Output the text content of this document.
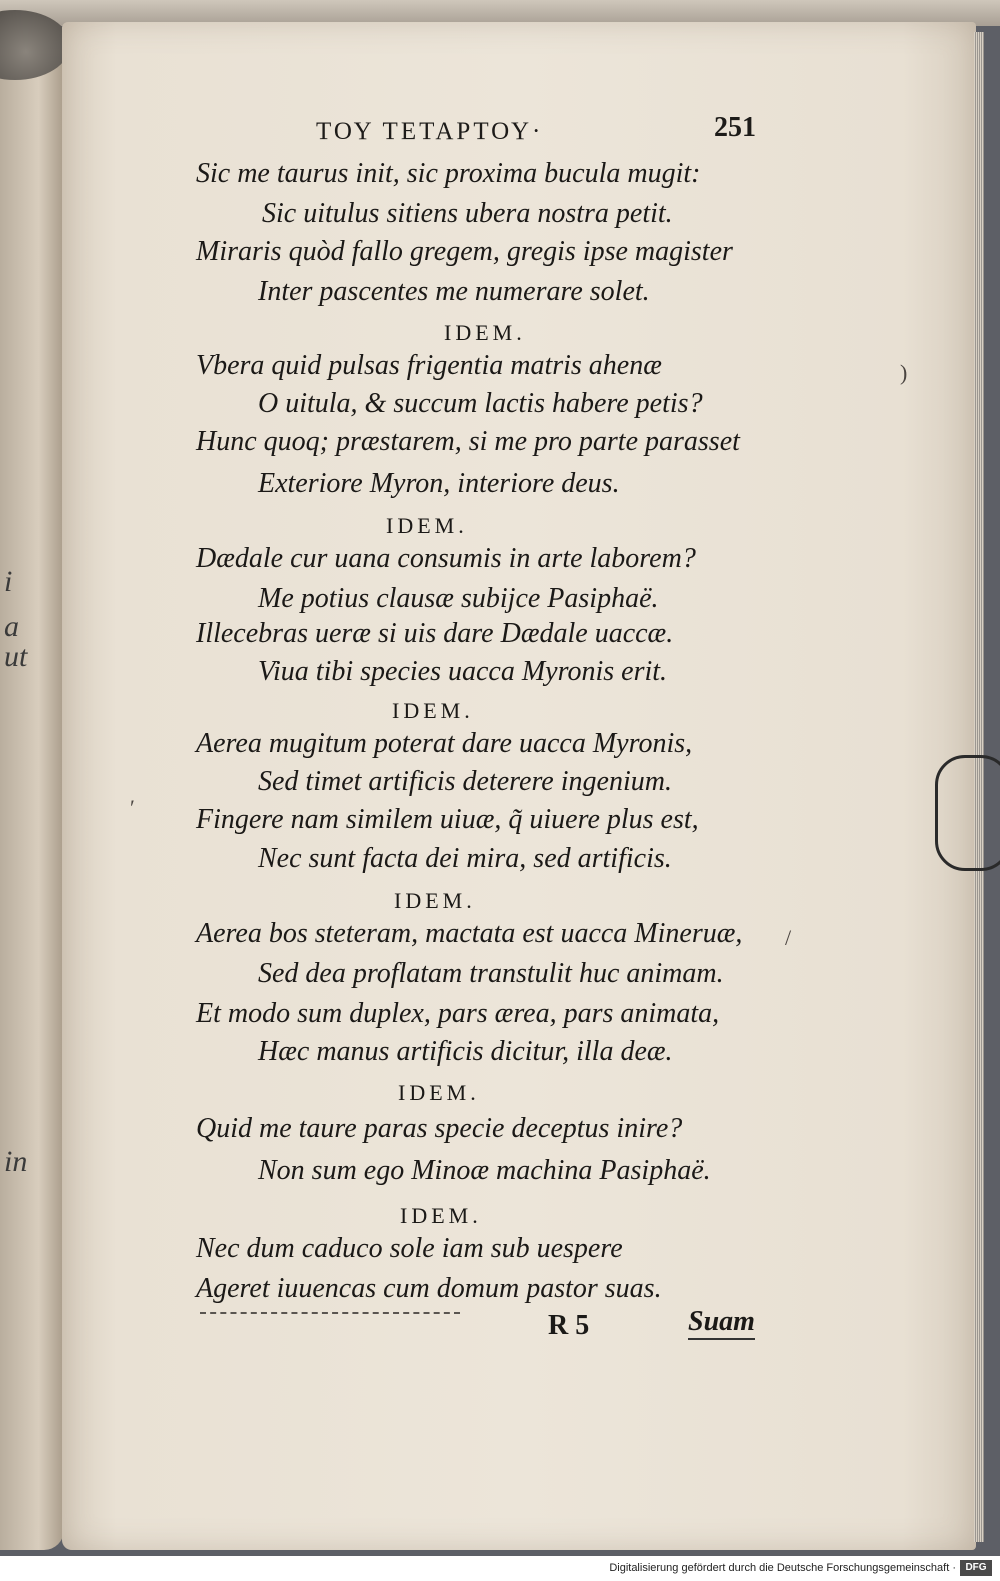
i
a
ut
in
ΤΟΥ ΤΕΤΑΡΤΟΥ·	251
Sic me taurus init, sic proxima bucula mugit:
Sic uitulus sitiens ubera nostra petit.
Miraris quòd fallo gregem, gregis ipse magister
Inter pascentes me numerare solet.
IDEM.
Vbera quid pulsas frigentia matris ahenæ
O uitula, & succum lactis habere petis?
Hunc quoq; præstarem, si me pro parte parasset
Exteriore Myron, interiore deus.
IDEM.
Dædale cur uana consumis in arte laborem?
Me potius clausæ subijce Pasiphaë.
Illecebras ueræ si uis dare Dædale uaccæ.
Viua tibi species uacca Myronis erit.
IDEM.
Aerea mugitum poterat dare uacca Myronis,
Sed timet artificis deterere ingenium.
Fingere nam similem uiuæ, q̃ uiuere plus est,
Nec sunt facta dei mira, sed artificis.
IDEM.
Aerea bos steteram, mactata est uacca Mineruæ,
Sed dea proflatam transtulit huc animam.
Et modo sum duplex, pars ærea, pars animata,
Hæc manus artificis dicitur, illa deæ.
IDEM.
Quid me taure paras specie deceptus inire?
Non sum ego Minoæ machina Pasiphaë.
IDEM.
Nec dum caduco sole iam sub uespere
Ageret iuuencas cum domum pastor suas.
R 5	Suam
′
)
/
Digitalisierung gefördert durch die Deutsche Forschungsgemeinschaft · DFG
